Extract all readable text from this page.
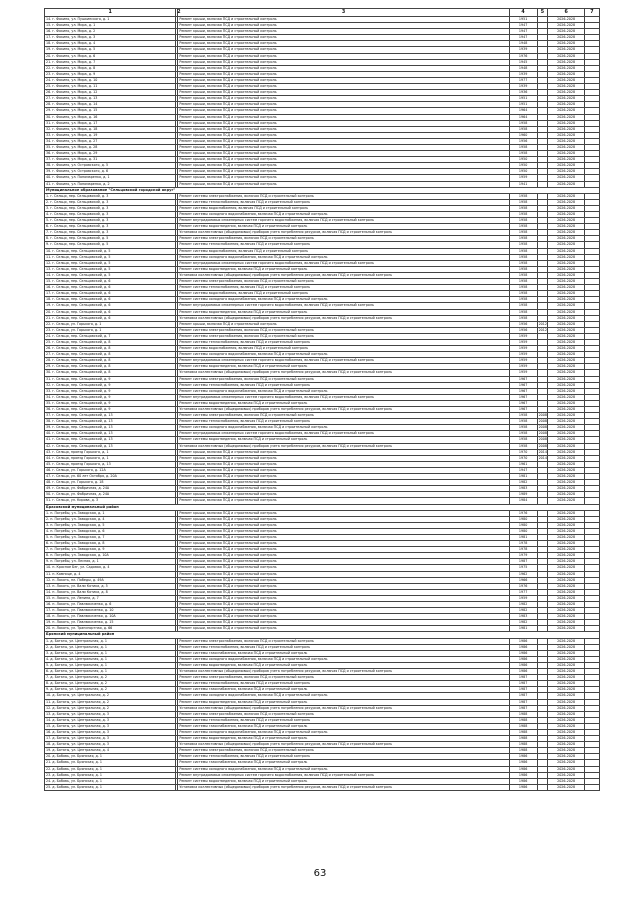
1	2	3	4	5	6	7
14. г. Фокино, ул. Пушкинского, д. 1		Ремонт крыши, включая ПСД и строительный контроль	1951		2026-2028	
15. г. Фокино, ул. Мира, д. 1		Ремонт крыши, включая ПСД и строительный контроль	1947		2026-2028	
16. г. Фокино, ул. Мира, д. 2		Ремонт крыши, включая ПСД и строительный контроль	1947		2026-2028	
17. г. Фокино, ул. Мира, д. 3		Ремонт крыши, включая ПСД и строительный контроль	1947		2026-2028	
18. г. Фокино, ул. Мира, д. 4		Ремонт крыши, включая ПСД и строительный контроль	1948		2026-2028	
19. г. Фокино, ул. Мира, д. 5		Ремонт крыши, включая ПСД и строительный контроль	1939		2026-2028	
20. г. Фокино, ул. Мира, д. 6		Ремонт крыши, включая ПСД и строительный контроль	1976		2026-2028	
21. г. Фокино, ул. Мира, д. 7		Ремонт крыши, включая ПСД и строительный контроль	1945		2026-2028	
22. г. Фокино, ул. Мира, д. 8		Ремонт крыши, включая ПСД и строительный контроль	1948		2026-2028	
23. г. Фокино, ул. Мира, д. 9		Ремонт крыши, включая ПСД и строительный контроль	1939		2026-2028	
24. г. Фокино, ул. Мира, д. 10		Ремонт крыши, включая ПСД и строительный контроль	1977		2026-2028	
25. г. Фокино, ул. Мира, д. 11		Ремонт крыши, включая ПСД и строительный контроль	1939		2026-2028	
26. г. Фокино, ул. Мира, д. 12		Ремонт крыши, включая ПСД и строительный контроль	1936		2026-2028	
27. г. Фокино, ул. Мира, д. 13		Ремонт крыши, включая ПСД и строительный контроль	1951		2026-2028	
28. г. Фокино, ул. Мира, д. 14		Ремонт крыши, включая ПСД и строительный контроль	1951		2026-2028	
29. г. Фокино, ул. Мира, д. 15		Ремонт крыши, включая ПСД и строительный контроль	1964		2026-2028	
30. г. Фокино, ул. Мира, д. 16		Ремонт крыши, включая ПСД и строительный контроль	1964		2026-2028	
31. г. Фокино, ул. Мира, д. 17		Ремонт крыши, включая ПСД и строительный контроль	1958		2026-2028	
32. г. Фокино, ул. Мира, д. 18		Ремонт крыши, включая ПСД и строительный контроль	1958		2026-2028	
33. г. Фокино, ул. Мира, д. 19		Ремонт крыши, включая ПСД и строительный контроль	1960		2026-2028	
34. г. Фокино, ул. Мира, д. 27		Ремонт крыши, включая ПСД и строительный контроль	1956		2026-2028	
35. г. Фокино, ул. Мира, д. 28		Ремонт крыши, включая ПСД и строительный контроль	1958		2026-2028	
36. г. Фокино, ул. Мира, д. 29		Ремонт крыши, включая ПСД и строительный контроль	1958		2026-2028	
37. г. Фокино, ул. Мира, д. 31		Ремонт крыши, включая ПСД и строительный контроль	1950		2026-2028	
38. г. Фокино, ул. Островского, д. 5		Ремонт крыши, включая ПСД и строительный контроль	1950		2026-2028	
39. г. Фокино, ул. Островского, д. 6		Ремонт крыши, включая ПСД и строительный контроль	1950		2026-2028	
40. г. Фокино, ул. Пономаренко, д. 1		Ремонт крыши, включая ПСД и строительный контроль	1959		2026-2028	
41. г. Фокино, ул. Пономаренко, д. 2		Ремонт крыши, включая ПСД и строительный контроль	1941		2026-2028	
Муниципальное образование "Сельцовский городской округ"						
1. г. Сельцо, пер. Сельцовский, д. 3		Ремонт системы электроснабжения, включая ПСД и строительный контроль	1958		2026-2028	
2. г. Сельцо, пер. Сельцовский, д. 3		Ремонт системы теплоснабжения, включая ПСД и строительный контроль	1958		2026-2028	
3. г. Сельцо, пер. Сельцовский, д. 3		Ремонт системы водоснабжения, включая ПСД и строительный контроль	1958		2026-2028	
4. г. Сельцо, пер. Сельцовский, д. 3		Ремонт системы холодного водоснабжения, включая ПСД и строительный контроль	1958		2026-2028	
5. г. Сельцо, пер. Сельцовский, д. 3		Ремонт внутридомовых инженерных систем горячего водоснабжения, включая ПСД и строительный контроль	1958		2026-2028	
6. г. Сельцо, пер. Сельцовский, д. 3		Ремонт системы водоотведения, включая ПСД и строительный контроль	1958		2026-2028	
7. г. Сельцо, пер. Сельцовский, д. 3		Установка коллективных (общедомовых) приборов учета потребления ресурсов, включая ПСД и строительный контроль	1958		2026-2028	
8. г. Сельцо, пер. Сельцовский, д. 5		Ремонт системы электроснабжения, включая ПСД и строительный контроль	1958		2026-2028	
9. г. Сельцо, пер. Сельцовский, д. 5		Ремонт системы теплоснабжения, включая ПСД и строительный контроль	1958		2026-2028	
10. г. Сельцо, пер. Сельцовский, д. 5		Ремонт системы водоснабжения, включая ПСД и строительный контроль	1958		2026-2028	
11. г. Сельцо, пер. Сельцовский, д. 5		Ремонт системы холодного водоснабжения, включая ПСД и строительный контроль	1958		2026-2028	
12. г. Сельцо, пер. Сельцовский, д. 5		Ремонт внутридомовых инженерных систем горячего водоснабжения, включая ПСД и строительный контроль	1958		2026-2028	
13. г. Сельцо, пер. Сельцовский, д. 5		Ремонт системы водоотведения, включая ПСД и строительный контроль	1958		2026-2028	
14. г. Сельцо, пер. Сельцовский, д. 5		Установка коллективных (общедомовых) приборов учета потребления ресурсов, включая ПСД и строительный контроль	1958		2026-2028	
15. г. Сельцо, пер. Сельцовский, д. 6		Ремонт системы электроснабжения, включая ПСД и строительный контроль	1958		2026-2028	
16. г. Сельцо, пер. Сельцовский, д. 6		Ремонт системы теплоснабжения, включая ПСД и строительный контроль	1958		2026-2028	
17. г. Сельцо, пер. Сельцовский, д. 6		Ремонт системы водоснабжения, включая ПСД и строительный контроль	1958		2026-2028	
18. г. Сельцо, пер. Сельцовский, д. 6		Ремонт системы холодного водоснабжения, включая ПСД и строительный контроль	1958		2026-2028	
19. г. Сельцо, пер. Сельцовский, д. 6		Ремонт внутридомовых инженерных систем горячего водоснабжения, включая ПСД и строительный контроль	1958		2026-2028	
20. г. Сельцо, пер. Сельцовский, д. 6		Ремонт системы водоотведения, включая ПСД и строительный контроль	1958		2026-2028	
21. г. Сельцо, пер. Сельцовский, д. 6		Установка коллективных (общедомовых) приборов учета потребления ресурсов, включая ПСД и строительный контроль	1958		2026-2028	
22. г. Сельцо, ул. Горького, д. 1		Ремонт крыши, включая ПСД и строительный контроль	1956	2012	2026-2028	
23. г. Сельцо, ул. Горького, д. 1		Ремонт системы электроснабжения, включая ПСД и строительный контроль	1956	2012	2026-2028	
24. г. Сельцо, пер. Сельцовский, д. 7		Ремонт системы электроснабжения, включая ПСД и строительный контроль	1959		2026-2028	
25. г. Сельцо, пер. Сельцовский, д. 8		Ремонт системы теплоснабжения, включая ПСД и строительный контроль	1959		2026-2028	
26. г. Сельцо, пер. Сельцовский, д. 8		Ремонт системы водоснабжения, включая ПСД и строительный контроль	1959		2026-2028	
27. г. Сельцо, пер. Сельцовский, д. 8		Ремонт системы холодного водоснабжения, включая ПСД и строительный контроль	1959		2026-2028	
28. г. Сельцо, пер. Сельцовский, д. 8		Ремонт внутридомовых инженерных систем горячего водоснабжения, включая ПСД и строительный контроль	1959		2026-2028	
29. г. Сельцо, пер. Сельцовский, д. 8		Ремонт системы водоотведения, включая ПСД и строительный контроль	1959		2026-2028	
30. г. Сельцо, пер. Сельцовский, д. 8		Установка коллективных (общедомовых) приборов учета потребления ресурсов, включая ПСД и строительный контроль	1959		2026-2028	
31. г. Сельцо, пер. Сельцовский, д. 9		Ремонт системы электроснабжения, включая ПСД и строительный контроль	1967		2026-2028	
32. г. Сельцо, пер. Сельцовский, д. 9		Ремонт системы теплоснабжения, включая ПСД и строительный контроль	1967		2026-2028	
33. г. Сельцо, пер. Сельцовский, д. 9		Ремонт системы холодного водоснабжения, включая ПСД и строительный контроль	1967		2026-2028	
34. г. Сельцо, пер. Сельцовский, д. 9		Ремонт внутридомовых инженерных систем горячего водоснабжения, включая ПСД и строительный контроль	1967		2026-2028	
35. г. Сельцо, пер. Сельцовский, д. 9		Ремонт системы водоотведения, включая ПСД и строительный контроль	1967		2026-2028	
36. г. Сельцо, пер. Сельцовский, д. 9		Установка коллективных (общедомовых) приборов учета потребления ресурсов, включая ПСД и строительный контроль	1967		2026-2028	
37. г. Сельцо, пер. Сельцовский, д. 13		Ремонт системы электроснабжения, включая ПСД и строительный контроль	1958	2008	2026-2028	
38. г. Сельцо, пер. Сельцовский, д. 13		Ремонт системы теплоснабжения, включая ПСД и строительный контроль	1958	2008	2026-2028	
39. г. Сельцо, пер. Сельцовский, д. 13		Ремонт системы холодного водоснабжения, включая ПСД и строительный контроль	1958	2008	2026-2028	
40. г. Сельцо, пер. Сельцовский, д. 13		Ремонт внутридомовых инженерных систем горячего водоснабжения, включая ПСД и строительный контроль	1958	2008	2026-2028	
41. г. Сельцо, пер. Сельцовский, д. 13		Ремонт системы водоотведения, включая ПСД и строительный контроль	1958	2008	2026-2028	
42. г. Сельцо, пер. Сельцовский, д. 13		Установка коллективных (общедомовых) приборов учета потребления ресурсов, включая ПСД и строительный контроль	1958	2008	2026-2028	
43. г. Сельцо, проезд Горького, д. 1		Ремонт крыши, включая ПСД и строительный контроль	1970	2014	2026-2028	
44. г. Сельцо, проезд Горького, д. 1		Ремонт крыши, включая ПСД и строительный контроль	1970	2014	2026-2028	
45. г. Сельцо, проезд Горького, д. 13		Ремонт крыши, включая ПСД и строительный контроль	1961		2026-2028	
46. г. Сельцо, ул. Горького, д. 12А		Ремонт крыши, включая ПСД и строительный контроль	1947		2026-2028	
47. г. Сельцо, ул. 60 лет Октября, д. 20А		Ремонт крыши, включая ПСД и строительный контроль	1981		2026-2028	
48. г. Сельцо, ул. Горького, д. 18		Ремонт крыши, включая ПСД и строительный контроль	1982		2026-2028	
49. г. Сельцо, ул. Фабричная, д. 24А		Ремонт крыши, включая ПСД и строительный контроль	1983		2026-2028	
50. г. Сельцо, ул. Фабричная, д. 24А		Ремонт крыши, включая ПСД и строительный контроль	1989		2026-2028	
51. г. Сельцо, ул. Кирова, д. 3		Ремонт крыши, включая ПСД и строительный контроль	1984		2026-2028	
Брасовский муниципальный район						
1. п. Погребы, ул. Заводская, д. 1		Ремонт крыши, включая ПСД и строительный контроль	1976		2026-2028	
2. п. Погребы, ул. Заводская, д. 4		Ремонт крыши, включая ПСД и строительный контроль	1980		2026-2028	
3. п. Погребы, ул. Заводская, д. 5		Ремонт крыши, включая ПСД и строительный контроль	1980		2026-2028	
4. п. Погребы, ул. Заводская, д. 6		Ремонт крыши, включая ПСД и строительный контроль	1980		2026-2028	
5. п. Погребы, ул. Заводская, д. 7		Ремонт крыши, включая ПСД и строительный контроль	1981		2026-2028	
6. п. Погребы, ул. Заводская, д. 8		Ремонт крыши, включая ПСД и строительный контроль	1978		2026-2028	
7. п. Погребы, ул. Заводская, д. 9		Ремонт крыши, включая ПСД и строительный контроль	1978		2026-2028	
8. п. Погребы, ул. Заводская, д. 10А		Ремонт крыши, включая ПСД и строительный контроль	1979		2026-2028	
9. п. Погребы, ул. Лесная, д. 1		Ремонт крыши, включая ПСД и строительный контроль	1987		2026-2028	
10. п. Красное Бег, ул. Садовая, д. 4		Ремонт крыши, включая ПСД и строительный контроль	1975		2026-2028	
11. п. Камнице, д. 4		Ремонт крыши, включая ПСД и строительный контроль	1962		2026-2028	
12. п. Локоть, пл. Победы, д. 49А		Ремонт крыши, включая ПСД и строительный контроль	1966		2026-2028	
13. п. Локоть, ул. Вали Котика, д. 5		Ремонт крыши, включая ПСД и строительный контроль	1976		2026-2028	
14. п. Локоть, ул. Вали Котика, д. 8		Ремонт крыши, включая ПСД и строительный контроль	1977		2026-2028	
15. п. Локоть, ул. Ленина, д. 7		Ремонт крыши, включая ПСД и строительный контроль	1959		2026-2028	
16. п. Локоть, ул. Павлюкиченко, д. 6		Ремонт крыши, включая ПСД и строительный контроль	1982		2026-2028	
17. п. Локоть, ул. Павлюкиченко, д. 10		Ремонт крыши, включая ПСД и строительный контроль	1982		2026-2028	
18. п. Локоть, ул. Павлюкиченко, д. 10А		Ремонт крыши, включая ПСД и строительный контроль	1983		2026-2028	
19. п. Локоть, ул. Павлюкиченко, д. 15		Ремонт крыши, включая ПСД и строительный контроль	1982		2026-2028	
20. п. Локоть, ул. Транспортная, д. 66		Ремонт крыши, включая ПСД и строительный контроль	1981		2026-2028	
Брянский муниципальный район						
1. д. Батагы, ул. Центральная, д. 1		Ремонт системы электроснабжения, включая ПСД и строительный контроль	1986		2026-2028	
2. д. Батагы, ул. Центральная, д. 1		Ремонт системы теплоснабжения, включая ПСД и строительный контроль	1986		2026-2028	
3. д. Батагы, ул. Центральная, д. 1		Ремонт системы газоснабжения, включая ПСД и строительный контроль	1986		2026-2028	
4. д. Батагы, ул. Центральная, д. 1		Ремонт системы холодного водоснабжения, включая ПСД и строительный контроль	1986		2026-2028	
5. д. Батагы, ул. Центральная, д. 1		Ремонт системы водоотведения, включая ПСД и строительный контроль	1986		2026-2028	
6. д. Батагы, ул. Центральная, д. 1		Установка коллективных (общедомовых) приборов учета потребления ресурсов, включая ПСД и строительный контроль	1986		2026-2028	
7. д. Батагы, ул. Центральная, д. 2		Ремонт системы электроснабжения, включая ПСД и строительный контроль	1987		2026-2028	
8. д. Батагы, ул. Центральная, д. 2		Ремонт системы теплоснабжения, включая ПСД и строительный контроль	1987		2026-2028	
9. д. Батагы, ул. Центральная, д. 2		Ремонт системы газоснабжения, включая ПСД и строительный контроль	1987		2026-2028	
10. д. Батагы, ул. Центральная, д. 2		Ремонт системы холодного водоснабжения, включая ПСД и строительный контроль	1987		2026-2028	
11. д. Батагы, ул. Центральная, д. 2		Ремонт системы водоотведения, включая ПСД и строительный контроль	1987		2026-2028	
12. д. Батагы, ул. Центральная, д. 2		Установка коллективных (общедомовых) приборов учета потребления ресурсов, включая ПСД и строительный контроль	1987		2026-2028	
13. д. Батагы, ул. Центральная, д. 3		Ремонт системы электроснабжения, включая ПСД и строительный контроль	1988		2026-2028	
14. д. Батагы, ул. Центральная, д. 3		Ремонт системы теплоснабжения, включая ПСД и строительный контроль	1988		2026-2028	
15. д. Батагы, ул. Центральная, д. 3		Ремонт системы газоснабжения, включая ПСД и строительный контроль	1988		2026-2028	
16. д. Батагы, ул. Центральная, д. 3		Ремонт системы холодного водоснабжения, включая ПСД и строительный контроль	1988		2026-2028	
17. д. Батагы, ул. Центральная, д. 3		Ремонт системы водоотведения, включая ПСД и строительный контроль	1988		2026-2028	
18. д. Батагы, ул. Центральная, д. 3		Установка коллективных (общедомовых) приборов учета потребления ресурсов, включая ПСД и строительный контроль	1988		2026-2028	
19. д. Батагы, ул. Центральная, д. 4		Ремонт системы электроснабжения, включая ПСД и строительный контроль	1988		2026-2028	
20. д. Бобовь, ул. Брянская, д. 1		Ремонт системы теплоснабжения, включая ПСД и строительный контроль	1986		2026-2028	
21. д. Бобовь, ул. Брянская, д. 1		Ремонт системы газоснабжения, включая ПСД и строительный контроль	1986		2026-2028	
22. д. Бобовь, ул. Брянская, д. 1		Ремонт системы холодного водоснабжения, включая ПСД и строительный контроль	1986		2026-2028	
23. д. Бобовь, ул. Брянская, д. 1		Ремонт внутридомовых инженерных систем горячего водоснабжения, включая ПСД и строительный контроль	1986		2026-2028	
24. д. Бобовь, ул. Брянская, д. 1		Ремонт системы водоотведения, включая ПСД и строительный контроль	1986		2026-2028	
25. д. Бобовь, ул. Брянская, д. 1		Установка коллективных (общедомовых) приборов учета потребления ресурсов, включая ПСД и строительный контроль	1986		2026-2028	
63
